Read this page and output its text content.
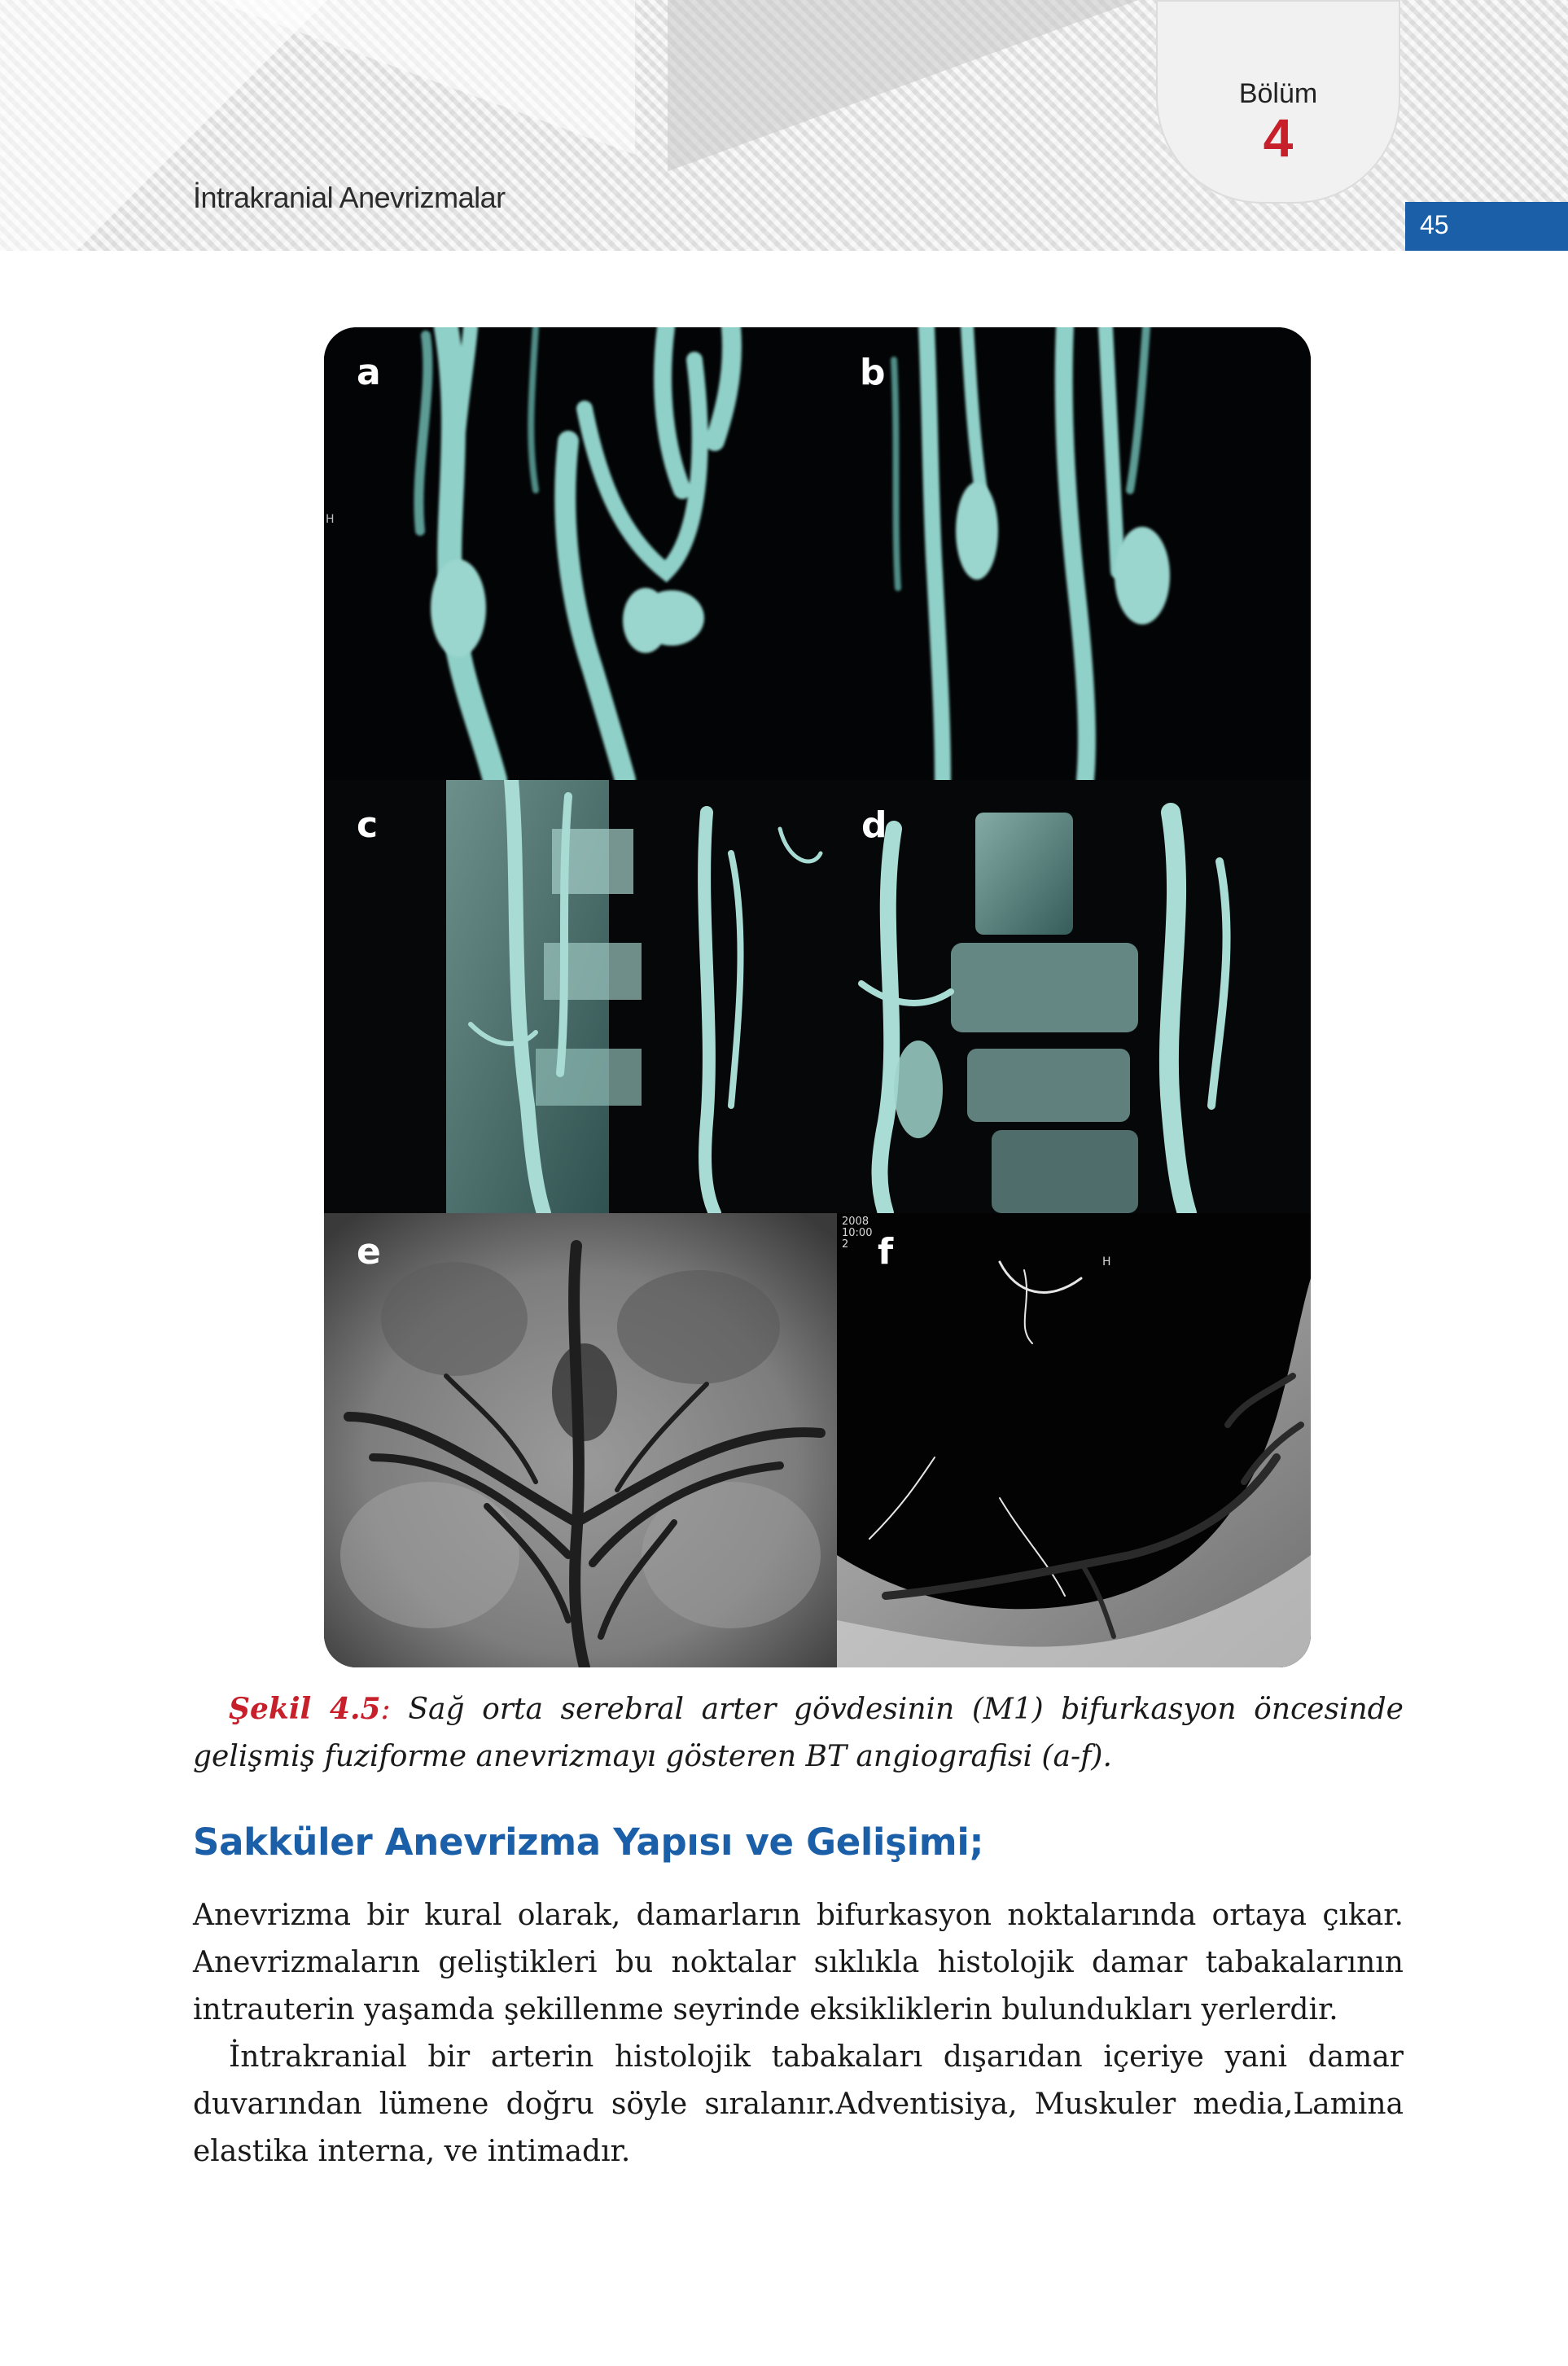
İntrakranial Anevrizmalar
Bölüm
4
45
a	b
H
c	d
e
2008
10:00
2 f	H
Şekil 4.5: Sağ orta serebral arter gövdesinin (M1) bifurkasyon öncesinde gelişmiş fuziforme anevrizmayı gösteren BT angiografisi (a-f).
Sakküler Anevrizma Yapısı ve Gelişimi;

Anevrizma bir kural olarak, damarların bifurkasyon noktalarında ortaya çıkar. Anevrizmaların geliştikleri bu noktalar sıklıkla histolojik damar tabakalarının intrauterin yaşamda şekillenme seyrinde eksikliklerin bulundukları yerlerdir.

İntrakranial bir arterin histolojik tabakaları dışarıdan içeriye yani damar duvarından lümene doğru söyle sıralanır.Adventisiya, Muskuler media,Lamina elastika interna, ve intimadır.
